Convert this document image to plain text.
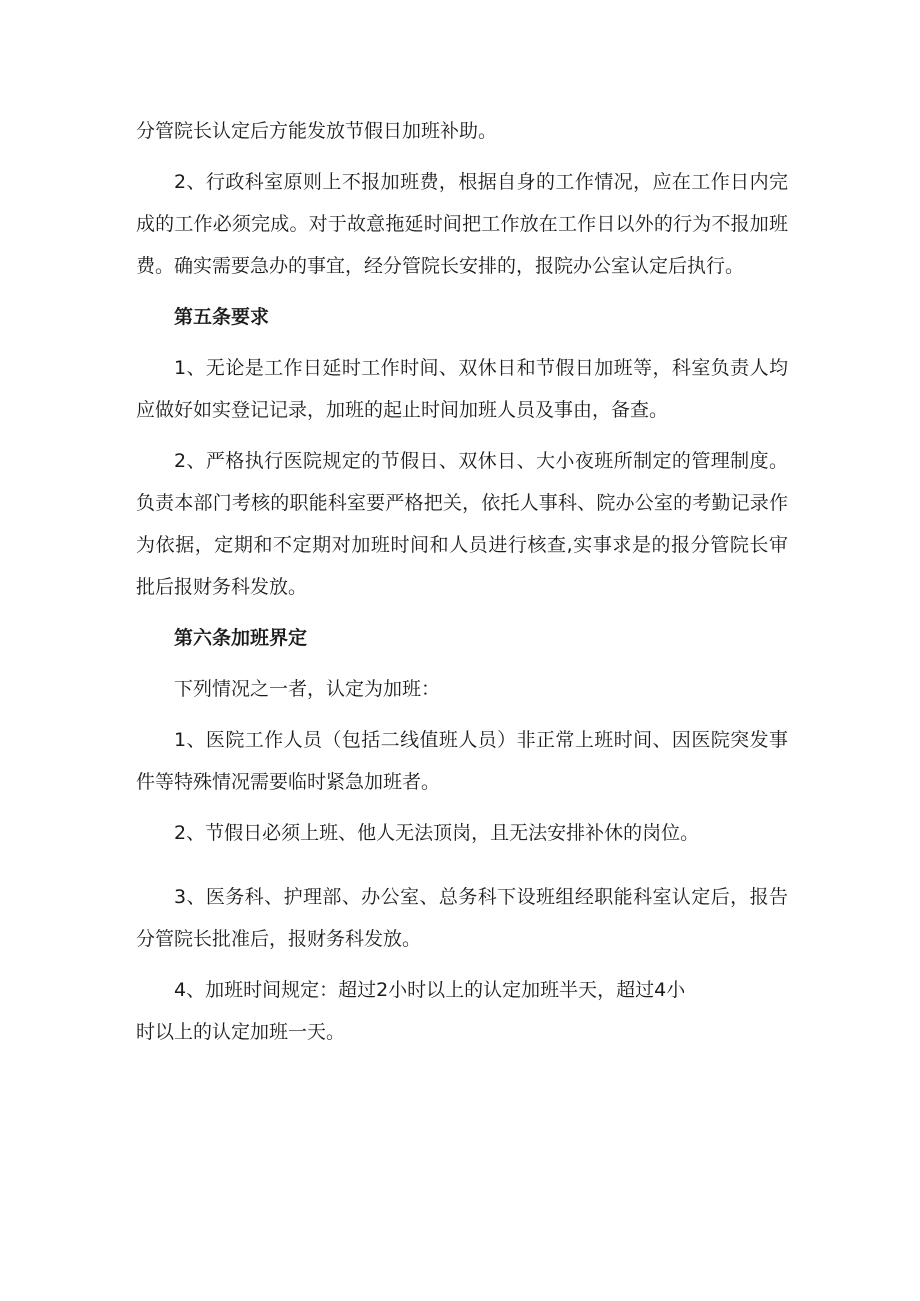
分管院长认定后方能发放节假日加班补助。

2、行政科室原则上不报加班费，根据自身的工作情况，应在工作日内完成的工作必须完成。对于故意拖延时间把工作放在工作日以外的行为不报加班费。确实需要急办的事宜，经分管院长安排的，报院办公室认定后执行。

第五条要求

1、无论是工作日延时工作时间、双休日和节假日加班等，科室负责人均应做好如实登记记录，加班的起止时间加班人员及事由，备查。

2、严格执行医院规定的节假日、双休日、大小夜班所制定的管理制度。负责本部门考核的职能科室要严格把关，依托人事科、院办公室的考勤记录作为依据，定期和不定期对加班时间和人员进行核查,实事求是的报分管院长审批后报财务科发放。

第六条加班界定

下列情况之一者，认定为加班：

1、医院工作人员（包括二线值班人员）非正常上班时间、因医院突发事件等特殊情况需要临时紧急加班者。

2、节假日必须上班、他人无法顶岗，且无法安排补休的岗位。

3、医务科、护理部、办公室、总务科下设班组经职能科室认定后，报告分管院长批准后，报财务科发放。

4、加班时间规定：超过2小时以上的认定加班半天，超过4小
时以上的认定加班一天。
